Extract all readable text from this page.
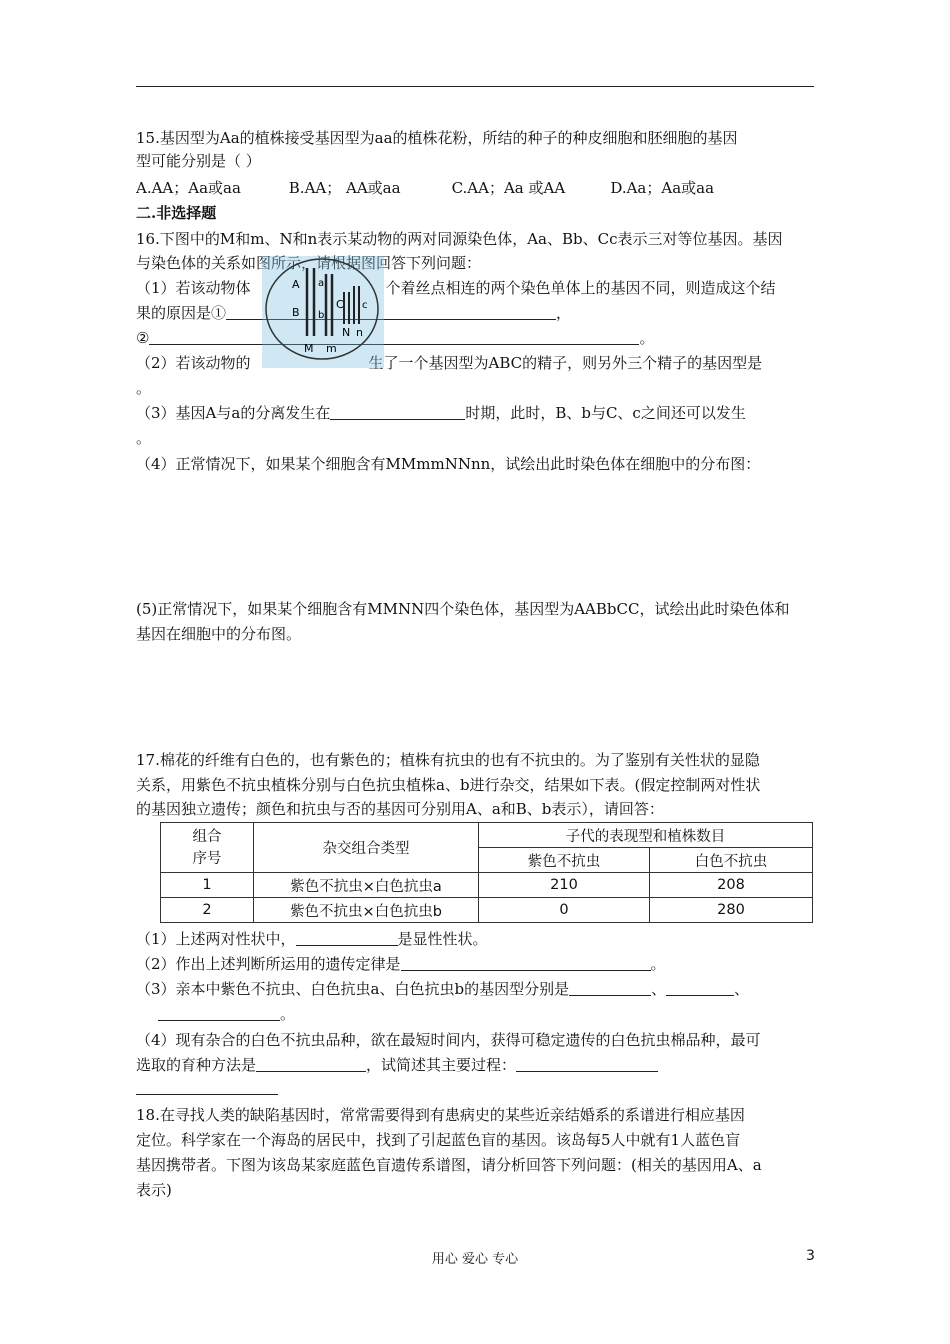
15.基因型为Aa的植株接受基因型为aa的植株花粉，所结的种子的种皮细胞和胚细胞的基因
型可能分别是（ ）
A.AA；Aa或aa	B.AA； AA或aa	C.AA；Aa 或AA	D.Aa；Aa或aa
二.非选择题
16.下图中的M和m、N和n表示某动物的两对同源染色体，Aa、Bb、Cc表示三对等位基因。基因
与染色体的关系如图所示，请根据图回答下列问题：
（1）若该动物体	个着丝点相连的两个染色单体上的基因不同，则造成这个结
果的原因是①	，
②	。
（2）若该动物的	生了一个基因型为ABC的精子，则另外三个精子的基因型是
。
（3）基因A与a的分离发生在	时期，此时，B、b与C、c之间还可以发生
。
（4）正常情况下，如果某个细胞含有MMmmNNnn，试绘出此时染色体在细胞中的分布图：
(5)正常情况下，如果某个细胞含有MMNN四个染色体，基因型为AABbCC，试绘出此时染色体和
基因在细胞中的分布图。
A a
B b
C c
M m
N n
17.棉花的纤维有白色的，也有紫色的；植株有抗虫的也有不抗虫的。为了鉴别有关性状的显隐
关系，用紫色不抗虫植株分别与白色抗虫植株a、b进行杂交，结果如下表。(假定控制两对性状
的基因独立遗传；颜色和抗虫与否的基因可分别用A、a和B、b表示），请回答：
组合
序号	杂交组合类型	子代的表现型和植株数目	
		紫色不抗虫	白色不抗虫
1	紫色不抗虫×白色抗虫a	210	208
2	紫色不抗虫×白色抗虫b	0	280
（1）上述两对性状中，	是显性性状。
（2）作出上述判断所运用的遗传定律是	。
（3）亲本中紫色不抗虫、白色抗虫a、白色抗虫b的基因型分别是	、	、
。
（4）现有杂合的白色不抗虫品种，欲在最短时间内，获得可稳定遗传的白色抗虫棉品种，最可
选取的育种方法是	，试简述其主要过程：
18.在寻找人类的缺陷基因时，常常需要得到有患病史的某些近亲结婚系的系谱进行相应基因
定位。科学家在一个海岛的居民中，找到了引起蓝色盲的基因。该岛每5人中就有1人蓝色盲
基因携带者。下图为该岛某家庭蓝色盲遗传系谱图，请分析回答下列问题：(相关的基因用A、a
表示)
用心 爱心 专心	3
